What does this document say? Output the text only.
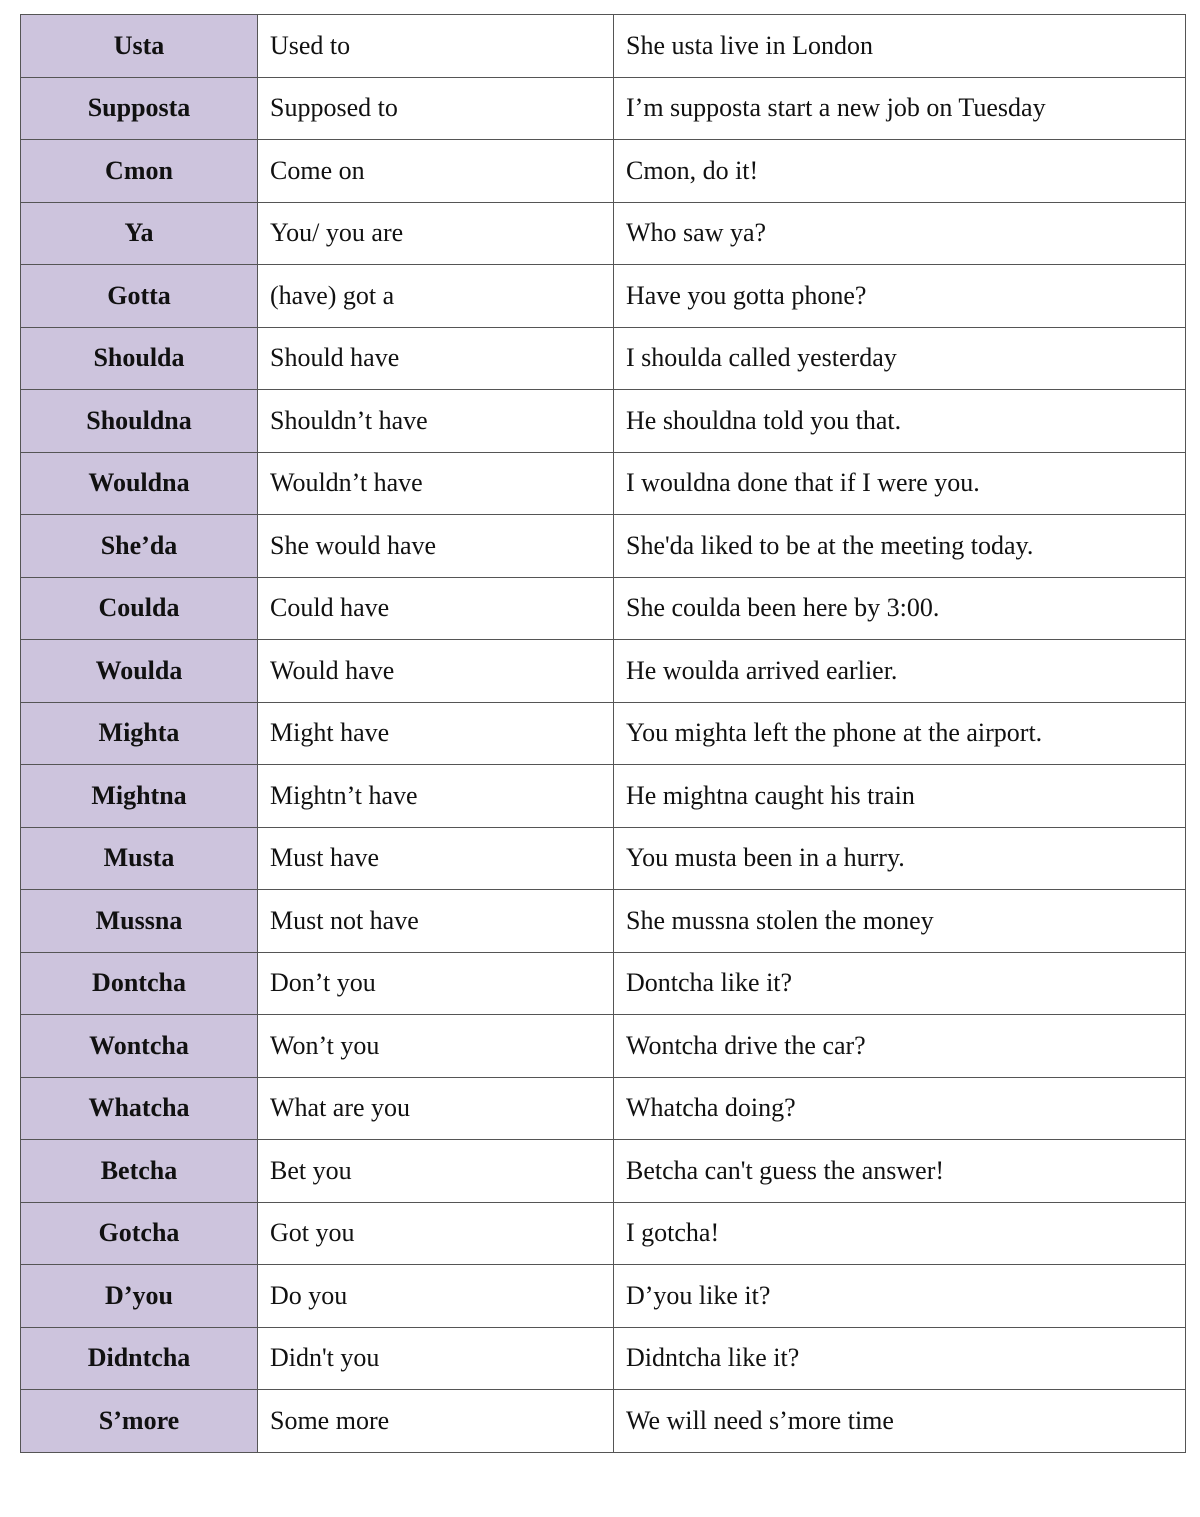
Usta	Used to	She usta live in London
Supposta	Supposed to	I’m supposta start a new job on Tuesday
Cmon	Come on	Cmon, do it!
Ya	You/ you are	Who saw ya?
Gotta	(have) got a	Have you gotta phone?
Shoulda	Should have	I shoulda called yesterday
Shouldna	Shouldn’t have	He shouldna told you that.
Wouldna	Wouldn’t have	I wouldna done that if I were you.
She’da	She would have	She'da liked to be at the meeting today.
Coulda	Could have	She coulda been here by 3:00.
Woulda	Would have	He woulda arrived earlier.
Mighta	Might have	You mighta left the phone at the airport.
Mightna	Mightn’t have	He mightna caught his train
Musta	Must have	You musta been in a hurry.
Mussna	Must not have	She mussna stolen the money
Dontcha	Don’t you	Dontcha like it?
Wontcha	Won’t you	Wontcha drive the car?
Whatcha	What are you	Whatcha doing?
Betcha	Bet you	Betcha can't guess the answer!
Gotcha	Got you	I gotcha!
D’you	Do you	D’you like it?
Didntcha	Didn't you	Didntcha like it?
S’more	Some more	We will need s’more time
